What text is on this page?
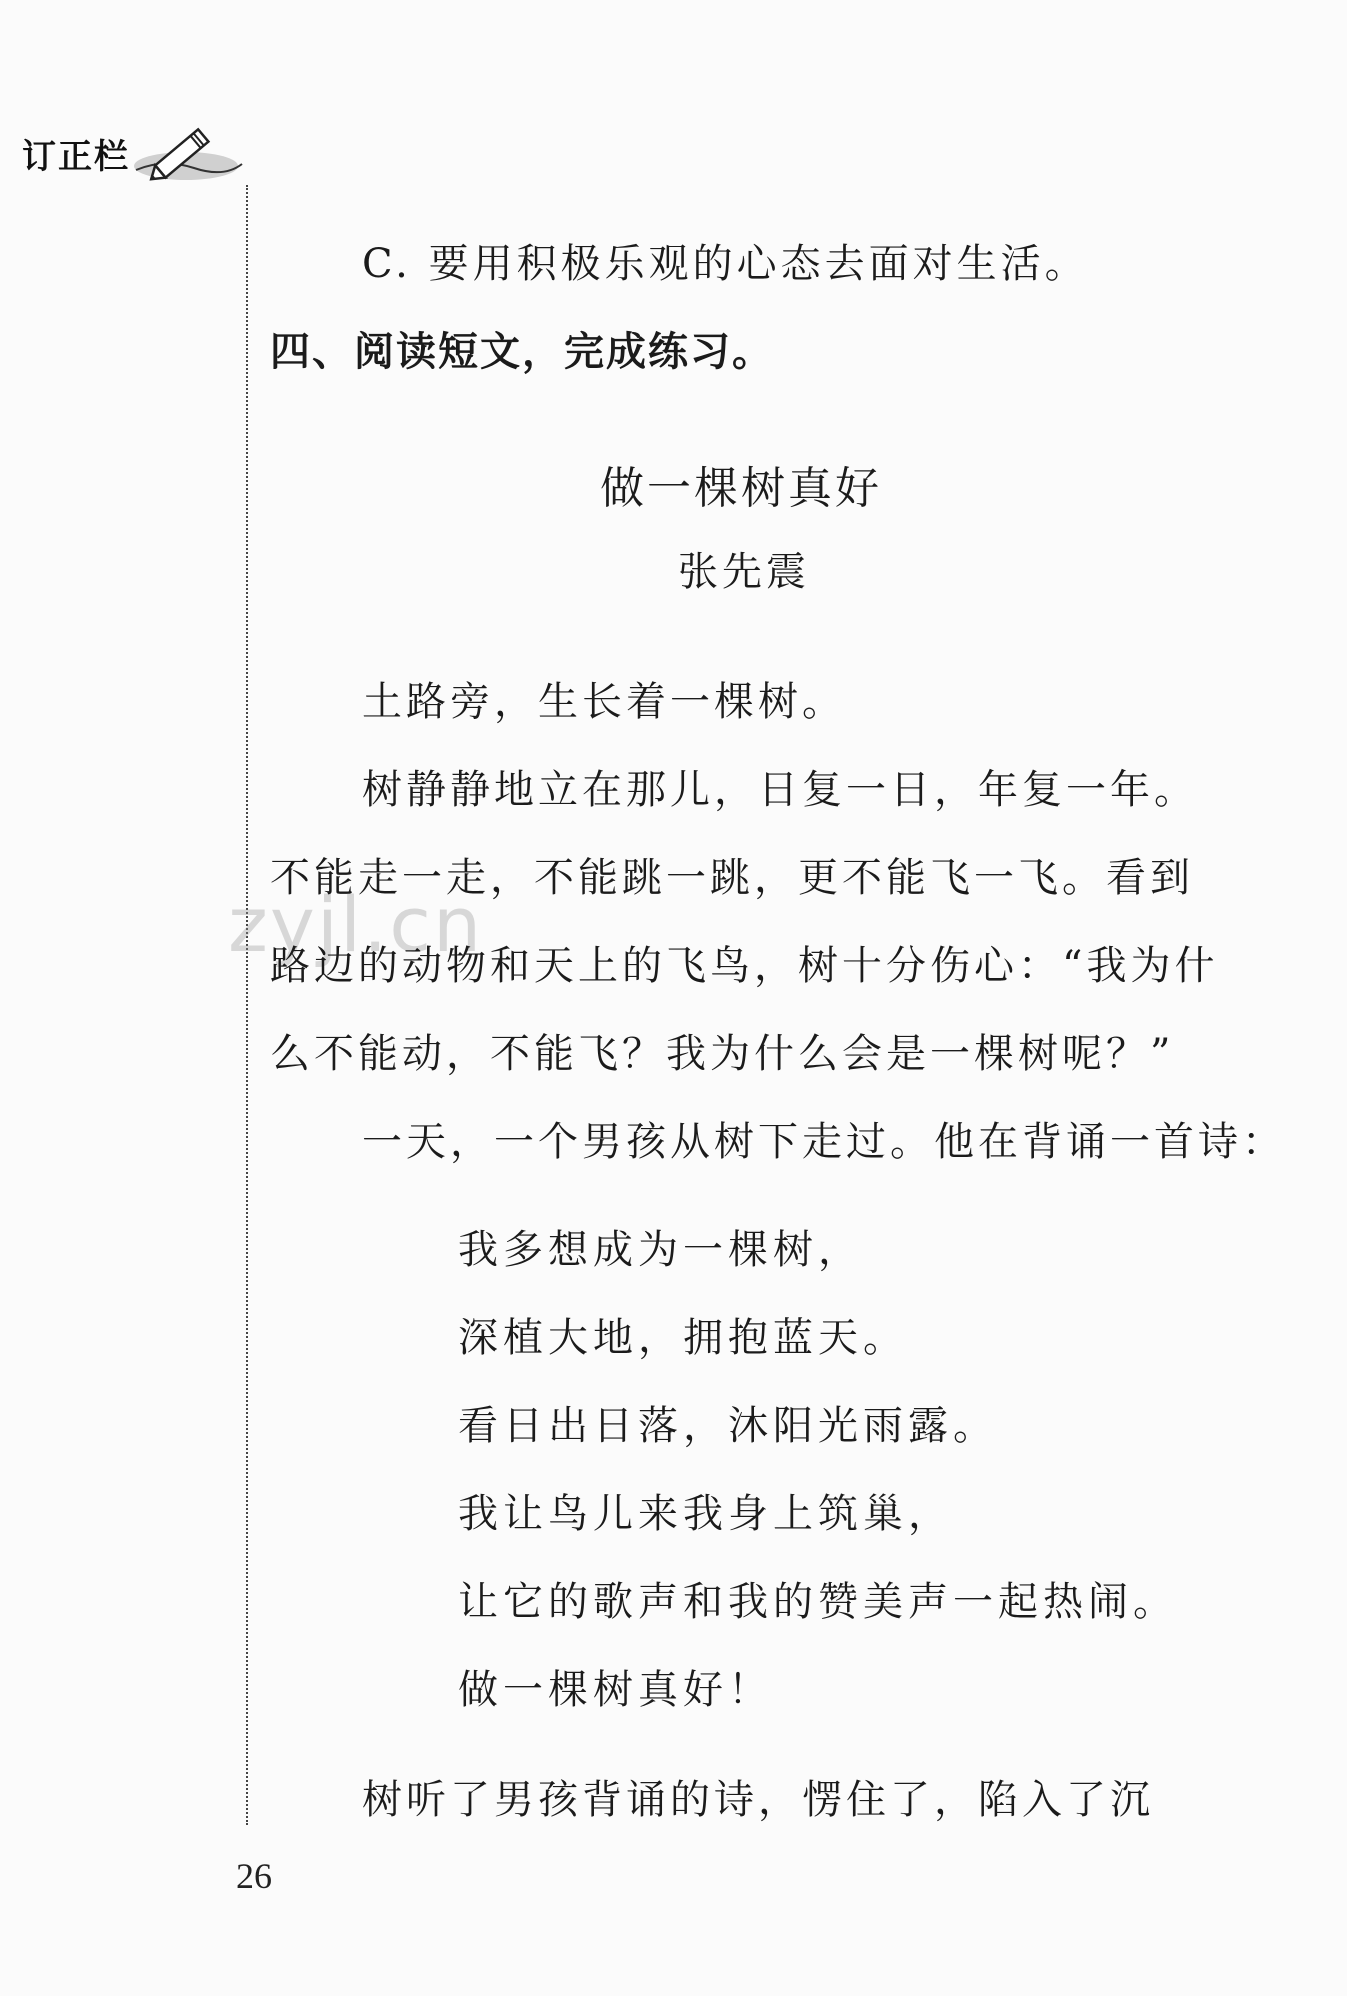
订正栏
zyjl.cn
C. 要用积极乐观的心态去面对生活。
四、阅读短文，完成练习。
做一棵树真好
张先震
土路旁，生长着一棵树。
树静静地立在那儿，日复一日，年复一年。
不能走一走，不能跳一跳，更不能飞一飞。看到
路边的动物和天上的飞鸟，树十分伤心：“我为什
么不能动，不能飞？我为什么会是一棵树呢？”
一天，一个男孩从树下走过。他在背诵一首诗：
我多想成为一棵树，
深植大地，拥抱蓝天。
看日出日落，沐阳光雨露。
我让鸟儿来我身上筑巢，
让它的歌声和我的赞美声一起热闹。
做一棵树真好！
树听了男孩背诵的诗，愣住了，陷入了沉
26
